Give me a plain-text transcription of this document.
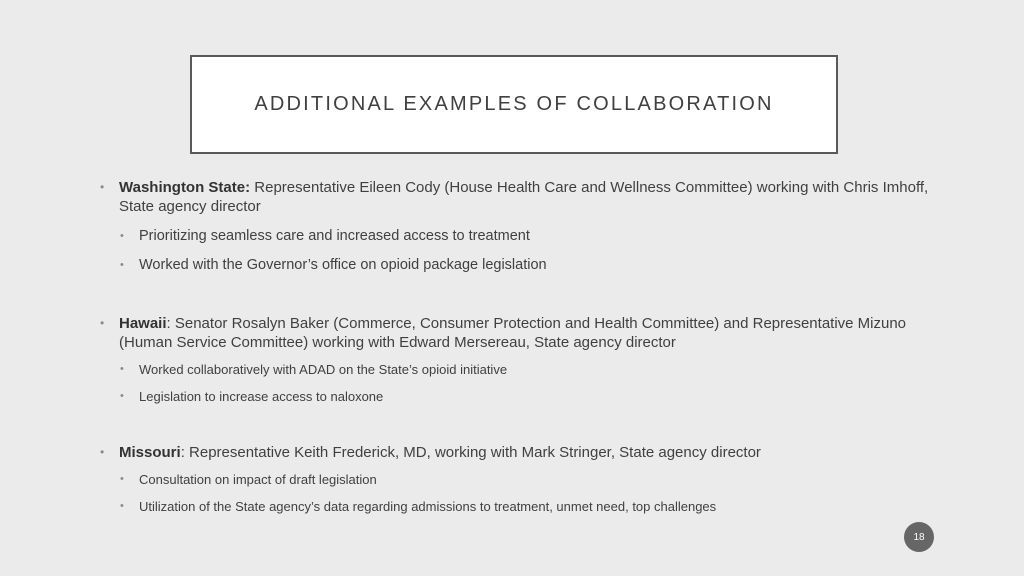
ADDITIONAL EXAMPLES OF COLLABORATION
• Washington State: Representative Eileen Cody (House Health Care and Wellness Committee) working with Chris Imhoff, State agency director
• Prioritizing seamless care and increased access to treatment
• Worked with the Governor’s office on opioid package legislation
• Hawaii: Senator Rosalyn Baker (Commerce, Consumer Protection and Health Committee) and Representative Mizuno (Human Service Committee) working with Edward Mersereau, State agency director
• Worked collaboratively with ADAD on the State’s opioid initiative
• Legislation to increase access to naloxone
• Missouri: Representative Keith Frederick, MD, working with Mark Stringer, State agency director
• Consultation on impact of draft legislation
• Utilization of the State agency’s data regarding admissions to treatment, unmet need, top challenges
18
